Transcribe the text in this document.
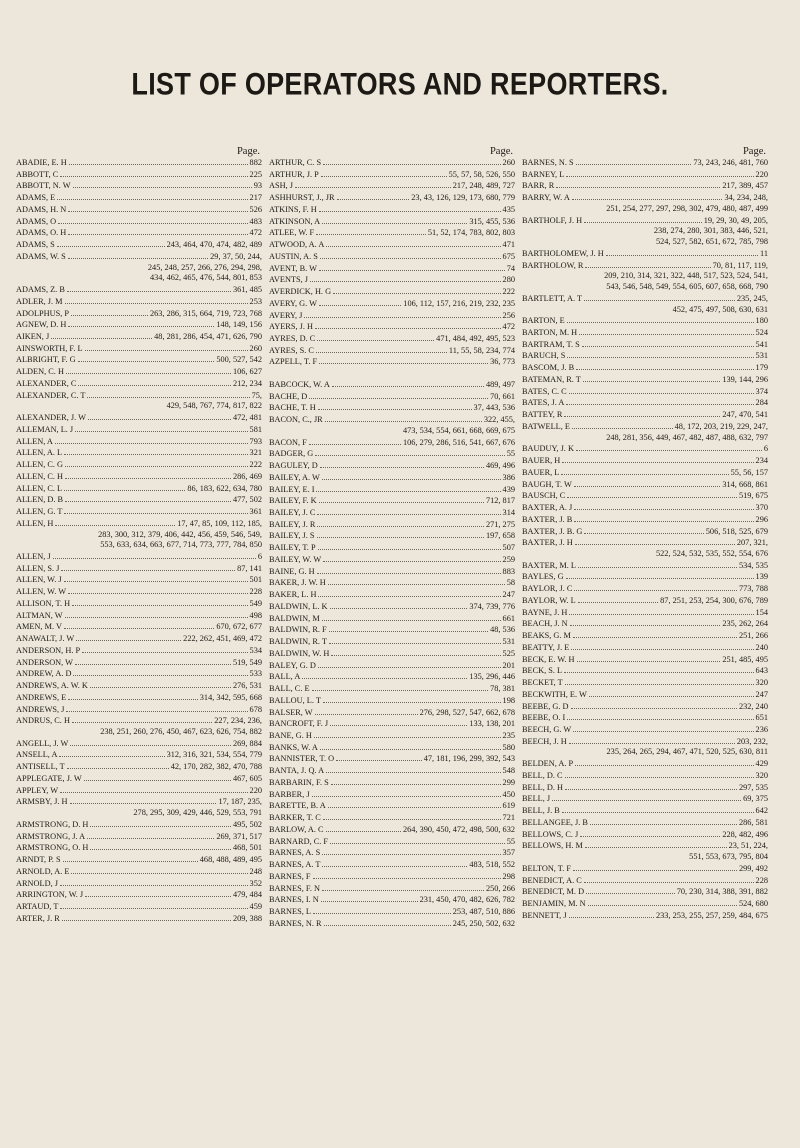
LIST OF OPERATORS AND REPORTERS.
Page.
ABADIE, E. H	882
ABBOTT, C	225
ABBOTT, N. W	93
ADAMS, E	217
ADAMS, H. N	526
ADAMS, O	483
ADAMS, O. H	472
ADAMS, S	243, 464, 470, 474, 482, 489
ADAMS, W. S	29, 37, 50, 244,
245, 248, 257, 266, 276, 294, 298,
434, 462, 465, 476, 544, 801, 853
ADAMS, Z. B	361, 485
ADLER, J. M	253
ADOLPHUS, P	263, 286, 315, 664, 719, 723, 768
AGNEW, D. H	148, 149, 156
AIKEN, J	48, 281, 286, 454, 471, 626, 790
AINSWORTH, F. L	260
ALBRIGHT, F. G	500, 527, 542
ALDEN, C. H	106, 627
ALEXANDER, C	212, 234
ALEXANDER, C. T	75,
429, 548, 767, 774, 817, 822
ALEXANDER, J. W	472, 481
ALLEMAN, L. J	581
ALLEN, A	793
ALLEN, A. L	321
ALLEN, C. G	222
ALLEN, C. H	286, 469
ALLEN, C. L	86, 183, 622, 634, 780
ALLEN, D. B	477, 502
ALLEN, G. T	361
ALLEN, H	17, 47, 85, 109, 112, 185,
283, 300, 312, 379, 406, 442, 456, 459, 546, 549,
553, 633, 634, 663, 677, 714, 773, 777, 784, 850
ALLEN, J	6
ALLEN, S. J	87, 141
ALLEN, W. J	501
ALLEN, W. W	228
ALLISON, T. H	549
ALTMAN, W	498
AMEN, M. V	670, 672, 677
ANAWALT, J. W	222, 262, 451, 469, 472
ANDERSON, H. P	534
ANDERSON, W	519, 549
ANDREW, A. D	533
ANDREWS, A. W. K	276, 531
ANDREWS, E	314, 342, 595, 668
ANDREWS, J	678
ANDRUS, C. H	227, 234, 236,
238, 251, 260, 276, 450, 467, 623, 626, 754, 882
ANGELL, J. W	269, 884
ANSELL, A	312, 316, 321, 534, 554, 779
ANTISELL, T	42, 170, 282, 382, 470, 788
APPLEGATE, J. W	467, 605
APPLEY, W	220
ARMSBY, J. H	17, 187, 235,
278, 295, 309, 429, 446, 529, 553, 791
ARMSTRONG, D. H	495, 502
ARMSTRONG, J. A	269, 371, 517
ARMSTRONG, O. H	468, 501
ARNDT, P. S	468, 488, 489, 495
ARNOLD, A. E	248
ARNOLD, J	352
ARRINGTON, W. J	479, 484
ARTAUD, T	459
ARTER, J. R	209, 388
Page.
ARTHUR, C. S	260
ARTHUR, J. P	55, 57, 58, 526, 550
ASH, J	217, 248, 489, 727
ASHHURST, J., JR	23, 43, 126, 129, 173, 680, 779
ATKINS, F. H	435
ATKINSON, A	315, 455, 536
ATLEE, W. F	51, 52, 174, 783, 802, 803
ATWOOD, A. A	471
AUSTIN, A. S	675
AVENT, B. W	74
AVENTS, J	280
AVERDICK, H. G	222
AVERY, G. W	106, 112, 157, 216, 219, 232, 235
AVERY, J	256
AYERS, J. H	472
AYRES, D. C	471, 484, 492, 495, 523
AYRES, S. C	11, 55, 58, 234, 774
AZPELL, T. F	36, 773
BABCOCK, W. A	489, 497
BACHE, D	70, 661
BACHE, T. H	37, 443, 536
BACON, C., JR	322, 455,
473, 534, 554, 661, 668, 669, 675
BACON, F	106, 279, 286, 516, 541, 667, 676
BADGER, G	55
BAGULEY, D	469, 496
BAILEY, A. W	386
BAILEY, E. I	439
BAILEY, F. K	712, 817
BAILEY, J. C	314
BAILEY, J. R	271, 275
BAILEY, J. S	197, 658
BAILEY, T. P	507
BAILEY, W. W	259
BAINE, G. H	883
BAKER, J. W. H	58
BAKER, L. H	247
BALDWIN, L. K	374, 739, 776
BALDWIN, M	661
BALDWIN, R. F	48, 536
BALDWIN, R. T	531
BALDWIN, W. H	525
BALEY, G. D	201
BALL, A	135, 296, 446
BALL, C. E	78, 381
BALLOU, L. T	198
BALSER, W	276, 298, 527, 547, 662, 678
BANCROFT, F. J	133, 138, 201
BANE, G. H	235
BANKS, W. A	580
BANNISTER, T. O	47, 181, 196, 299, 392, 543
BANTA, J. Q. A	548
BARBARIN, F. S	299
BARBER, J	450
BARETTE, B. A	619
BARKER, T. C	721
BARLOW, A. C	264, 390, 450, 472, 498, 500, 632
BARNARD, C. F	55
BARNES, A. S	357
BARNES, A. T	483, 518, 552
BARNES, F	298
BARNES, F. N	250, 266
BARNES, I. N	231, 450, 470, 482, 626, 782
BARNES, L	253, 487, 510, 886
BARNES, N. R	245, 250, 502, 632
Page.
BARNES, N. S	73, 243, 246, 481, 760
BARNEY, L	220
BARR, R	217, 389, 457
BARRY, W. A	34, 234, 248,
251, 254, 277, 297, 298, 302, 479, 480, 487, 499
BARTHOLF, J. H	19, 29, 30, 49, 205,
238, 274, 280, 301, 383, 446, 521,
524, 527, 582, 651, 672, 785, 798
BARTHOLOMEW, J. H	11
BARTHOLOW, R	70, 81, 117, 119,
209, 210, 314, 321, 322, 448, 517, 523, 524, 541,
543, 546, 548, 549, 554, 605, 607, 658, 668, 790
BARTLETT, A. T	235, 245,
452, 475, 497, 508, 630, 631
BARTON, E	180
BARTON, M. H	524
BARTRAM, T. S	541
BARUCH, S	531
BASCOM, J. B	179
BATEMAN, R. T	139, 144, 296
BATES, C. C	374
BATES, J. A	284
BATTEY, R	247, 470, 541
BATWELL, E	48, 172, 203, 219, 229, 247,
248, 281, 356, 449, 467, 482, 487, 488, 632, 797
BAUDUY, J. K	6
BAUER, H	234
BAUER, L	55, 56, 157
BAUGH, T. W	314, 668, 861
BAUSCH, C	519, 675
BAXTER, A. J	370
BAXTER, J. B	296
BAXTER, J. B. G	506, 518, 525, 679
BAXTER, J. H	207, 321,
522, 524, 532, 535, 552, 554, 676
BAXTER, M. L	534, 535
BAYLES, G	139
BAYLOR, J. C	773, 788
BAYLOR, W. L	87, 251, 253, 254, 300, 676, 789
BAYNE, J. H	154
BEACH, J. N	235, 262, 264
BEAKS, G. M	251, 266
BEATTY, J. E	240
BECK, E. W. H	251, 485, 495
BECK, S. L	643
BECKET, T	320
BECKWITH, E. W	247
BEEBE, G. D	232, 240
BEEBE, O. I	651
BEECH, G. W	236
BEECH, J. H	203, 232,
235, 264, 265, 294, 467, 471, 520, 525, 630, 811
BELDEN, A. P	429
BELL, D. C	320
BELL, D. H	297, 535
BELL, J	69, 375
BELL, J. B	642
BELLANGEE, J. B	286, 581
BELLOWS, C. J	228, 482, 496
BELLOWS, H. M	23, 51, 224,
551, 553, 673, 795, 804
BELTON, T. F	299, 492
BENEDICT, A. C	228
BENEDICT, M. D	70, 230, 314, 388, 391, 882
BENJAMIN, M. N	524, 680
BENNETT, J	233, 253, 255, 257, 259, 484, 675
